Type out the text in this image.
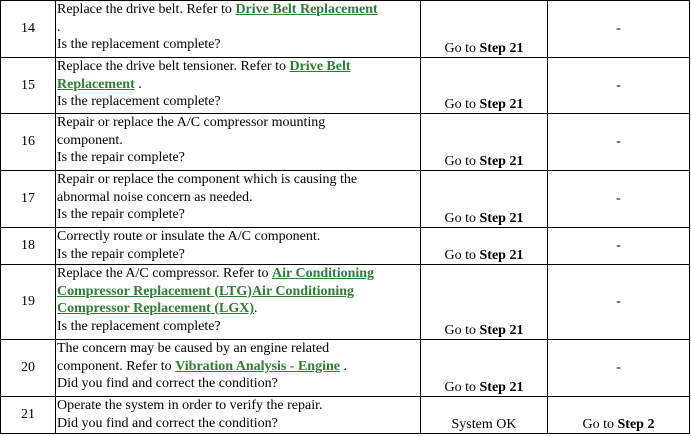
14	Replace the drive belt. Refer to Drive Belt Replacement
.
Is the replacement complete?	Go to Step 21	-
15	Replace the drive belt tensioner. Refer to Drive Belt
Replacement .
Is the replacement complete?	Go to Step 21	-
16	Repair or replace the A/C compressor mounting
component.
Is the repair complete?	Go to Step 21	-
17	Repair or replace the component which is causing the
abnormal noise concern as needed.
Is the repair complete?	Go to Step 21	-
18	Correctly route or insulate the A/C component.
Is the repair complete?	Go to Step 21	-
19	Replace the A/C compressor. Refer to Air Conditioning
Compressor Replacement (LTG)Air Conditioning
Compressor Replacement (LGX).
Is the replacement complete?	Go to Step 21	-
20	The concern may be caused by an engine related
component. Refer to Vibration Analysis - Engine .
Did you find and correct the condition?	Go to Step 21	-
21	Operate the system in order to verify the repair.
Did you find and correct the condition?	System OK	Go to Step 2
